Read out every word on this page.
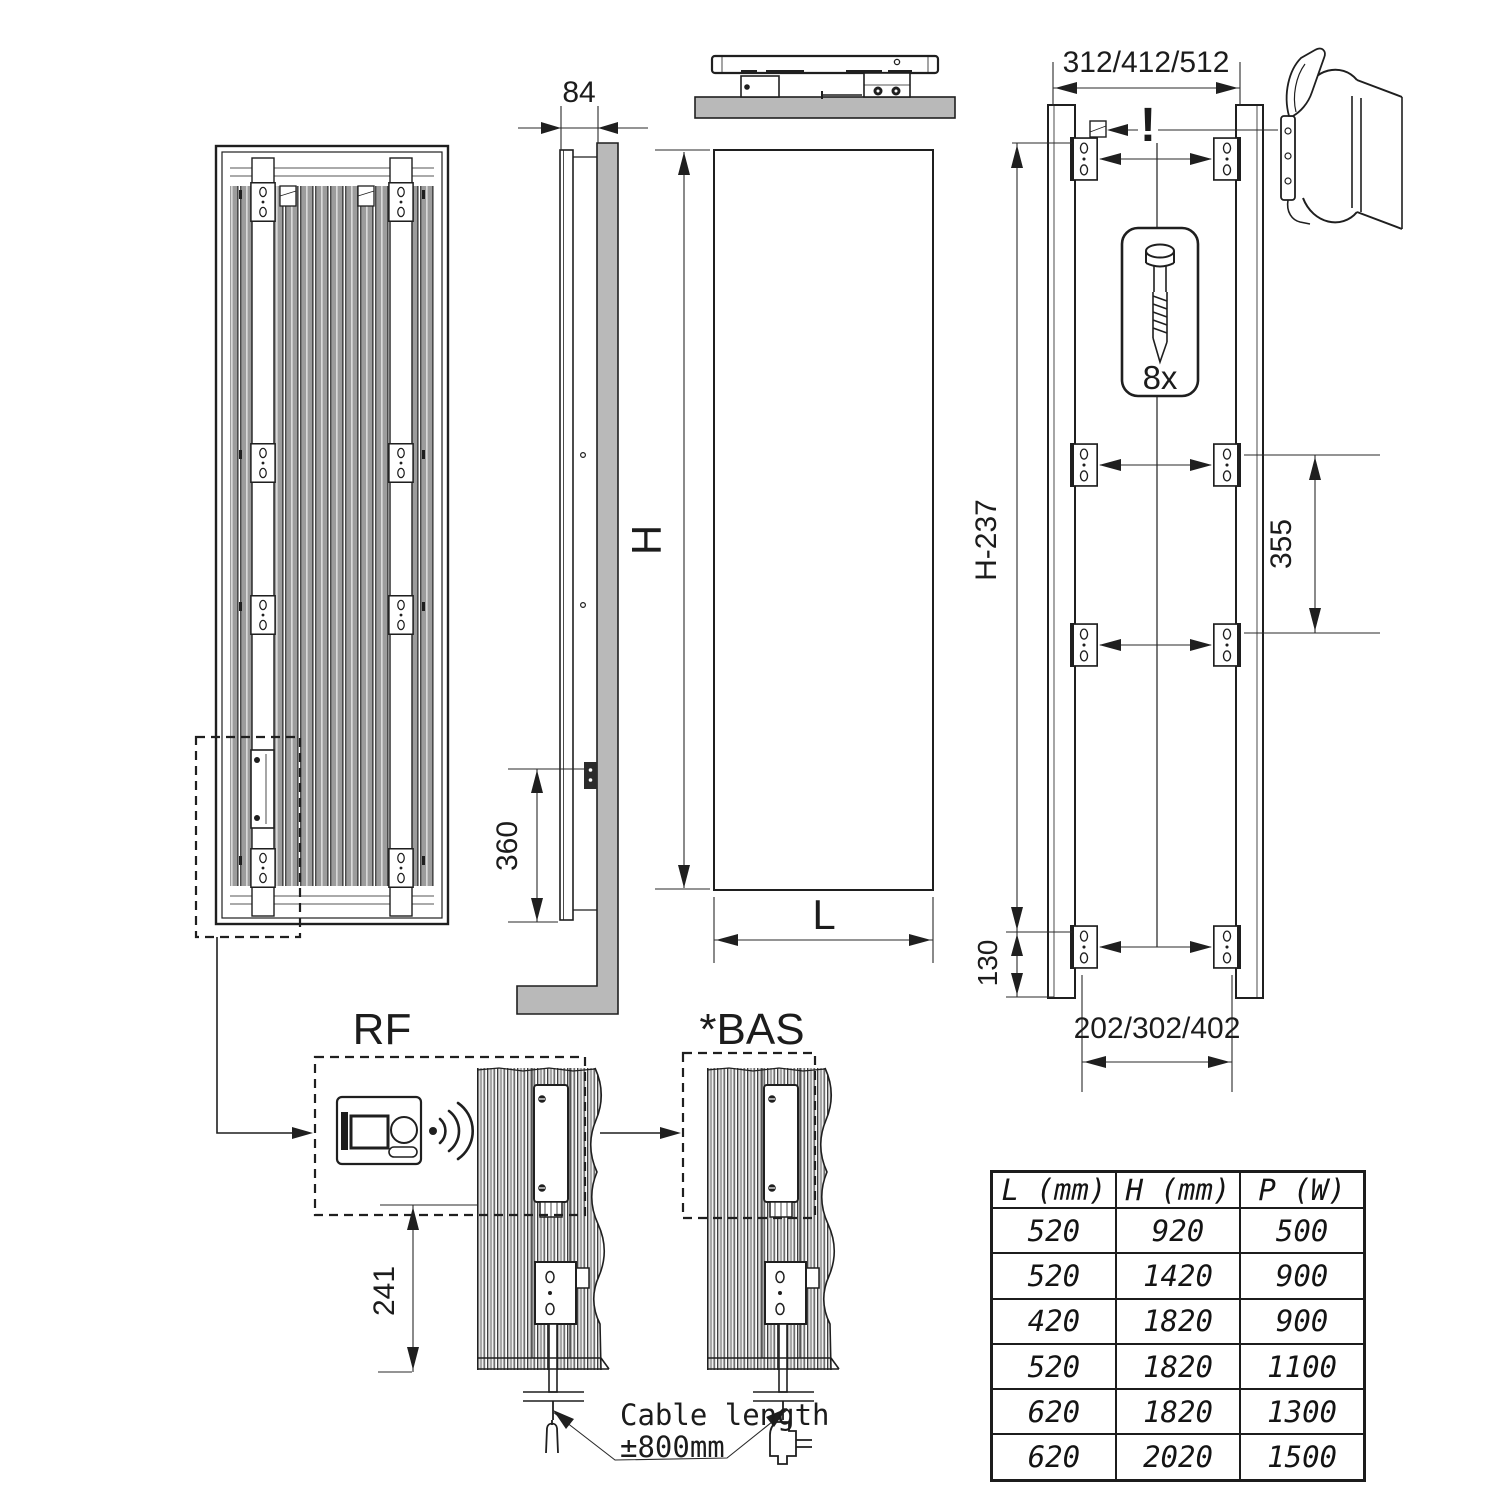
84
360
H
L
312/412/512
!
8x
H-237	355
130
202/302/402
RF
241
*BAS
Cable length
±800mm
L (mm)	H (mm)	P (W)
520	920	500
520	1420	900
420	1820	900
520	1820	1100
620	1820	1300
620	2020	1500
